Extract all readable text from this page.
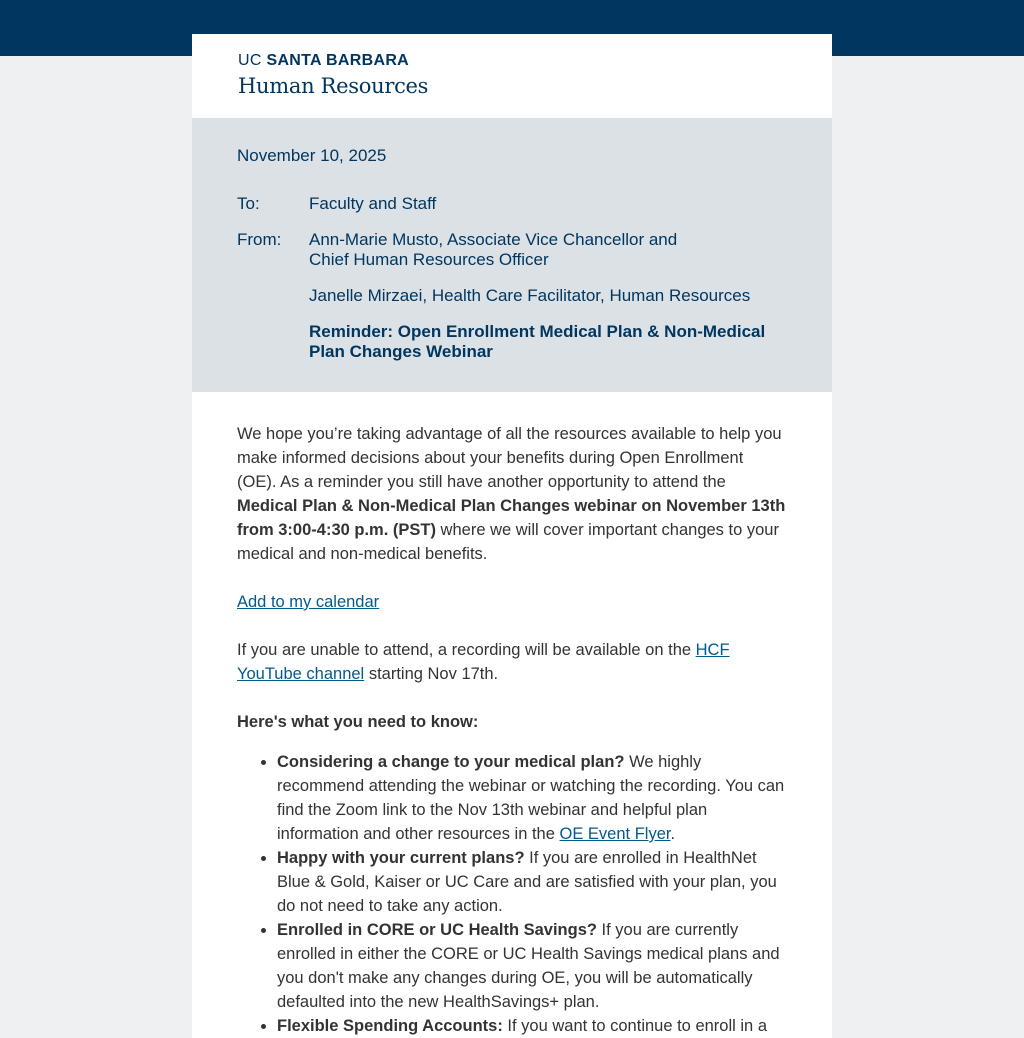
UC SANTA BARBARA
Human Resources
November 10, 2025
To:	Faculty and Staff
From:	Ann-Marie Musto, Associate Vice Chancellor and Chief Human Resources Officer
Janelle Mirzaei, Health Care Facilitator, Human Resources
Reminder: Open Enrollment Medical Plan & Non-Medical Plan Changes Webinar

We hope you’re taking advantage of all the resources available to help you make informed decisions about your benefits during Open Enrollment (OE). As a reminder you still have another opportunity to attend the Medical Plan & Non-Medical Plan Changes webinar on November 13th from 3:00-4:30 p.m. (PST) where we will cover important changes to your medical and non-medical benefits.

Add to my calendar

If you are unable to attend, a recording will be available on the HCF YouTube channel starting Nov 17th.

Here's what you need to know:

• Considering a change to your medical plan? We highly recommend attending the webinar or watching the recording. You can find the Zoom link to the Nov 13th webinar and helpful plan information and other resources in the OE Event Flyer.
• Happy with your current plans? If you are enrolled in HealthNet Blue & Gold, Kaiser or UC Care and are satisfied with your plan, you do not need to take any action.
• Enrolled in CORE or UC Health Savings? If you are currently enrolled in either the CORE or UC Health Savings medical plans and you don't make any changes during OE, you will be automatically defaulted into the new HealthSavings+ plan.
• Flexible Spending Accounts: If you want to continue to enroll in a
